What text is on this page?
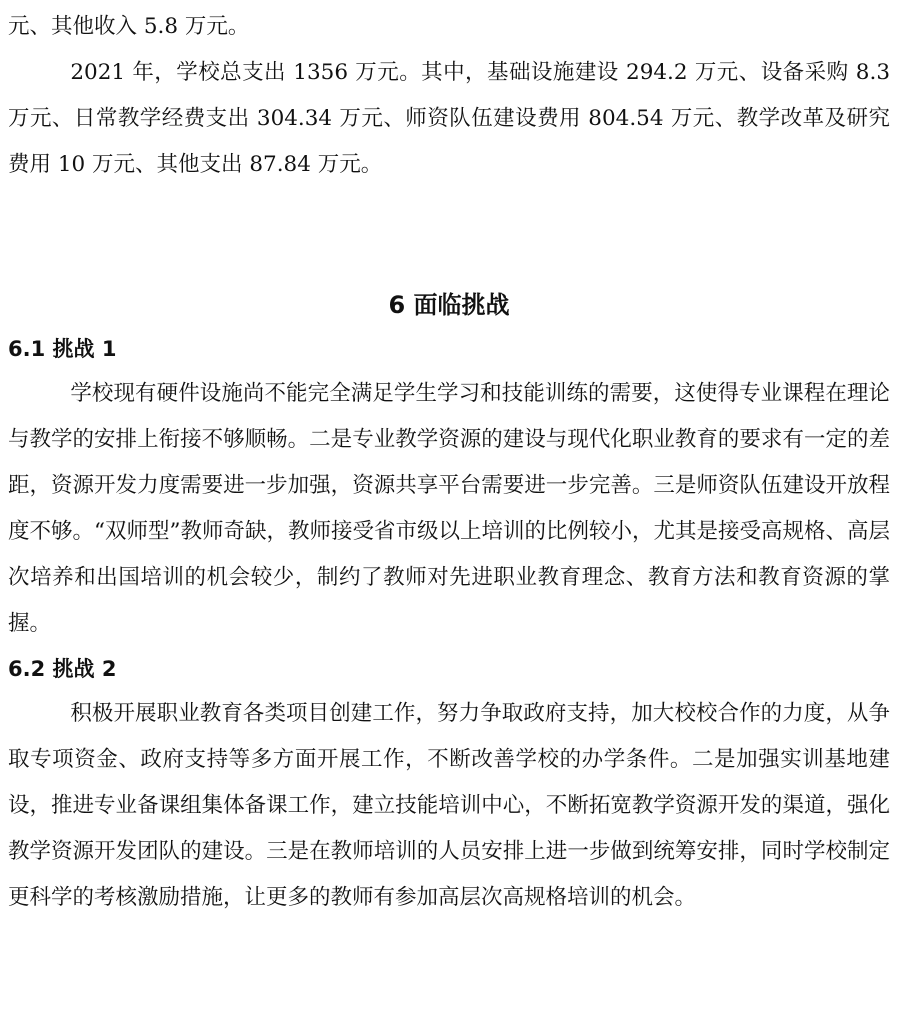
元、其他收入 5.8 万元。

2021 年，学校总支出 1356 万元。其中，基础设施建设 294.2 万元、设备采购 8.3 万元、日常教学经费支出 304.34 万元、师资队伍建设费用 804.54 万元、教学改革及研究费用 10 万元、其他支出 87.84 万元。

6 面临挑战
6.1 挑战 1

学校现有硬件设施尚不能完全满足学生学习和技能训练的需要，这使得专业课程在理论与教学的安排上衔接不够顺畅。二是专业教学资源的建设与现代化职业教育的要求有一定的差距，资源开发力度需要进一步加强，资源共享平台需要进一步完善。三是师资队伍建设开放程度不够。“双师型”教师奇缺，教师接受省市级以上培训的比例较小，尤其是接受高规格、高层次培养和出国培训的机会较少，制约了教师对先进职业教育理念、教育方法和教育资源的掌握。

6.2 挑战 2

积极开展职业教育各类项目创建工作，努力争取政府支持，加大校校合作的力度，从争取专项资金、政府支持等多方面开展工作，不断改善学校的办学条件。二是加强实训基地建设，推进专业备课组集体备课工作，建立技能培训中心，不断拓宽教学资源开发的渠道，强化教学资源开发团队的建设。三是在教师培训的人员安排上进一步做到统筹安排，同时学校制定更科学的考核激励措施，让更多的教师有参加高层次高规格培训的机会。
